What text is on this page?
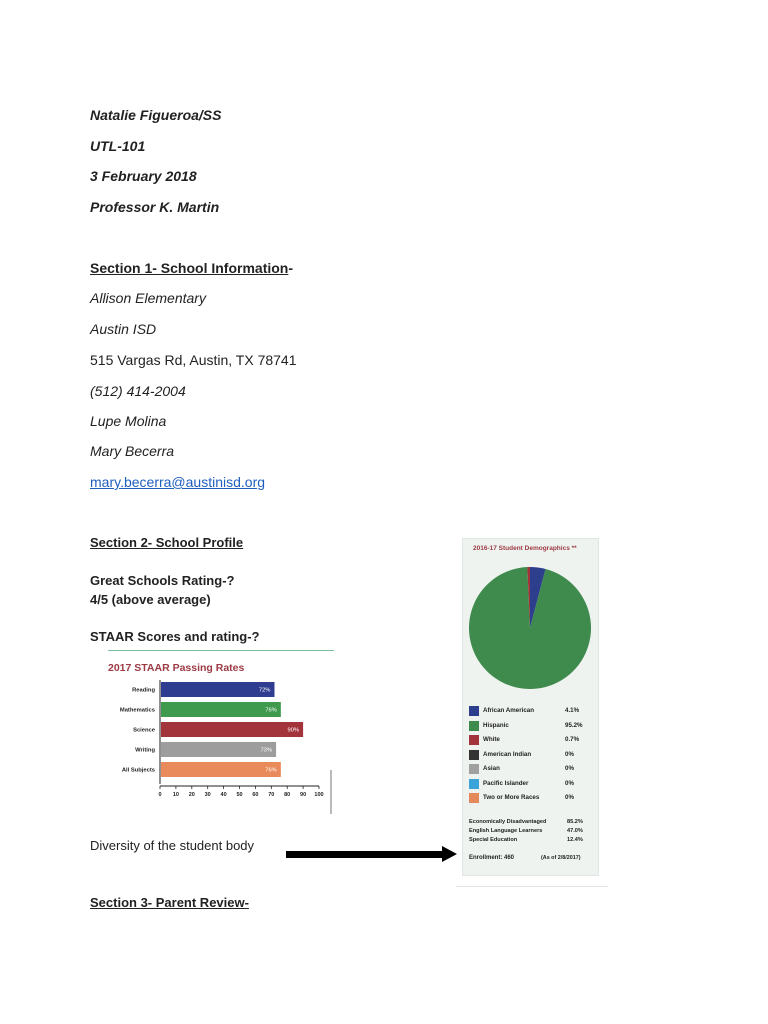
Natalie Figueroa/SS
UTL-101
3 February 2018
Professor K. Martin
Section 1- School Information-
Allison Elementary
Austin ISD
515 Vargas Rd, Austin, TX 78741
(512) 414-2004
Lupe Molina
Mary Becerra
mary.becerra@austinisd.org
Section 2- School Profile
Great Schools Rating-?
4/5 (above average)
STAAR Scores and rating-?
2017 STAAR Passing Rates
Reading	72%
Mathematics	76%
Science	90%
Writing	73%
All Subjects	76%
0 10 20 30 40 50 60 70 80 90 100
Diversity of the student body
2016-17 Student Demographics **
African American	4.1%
Hispanic	95.2%
White	0.7%
American Indian	0%
Asian	0%
Pacific Islander	0%
Two or More Races	0%
Economically Disadvantaged	85.2%
English Language Learners	47.0%
Special Education	12.4%
Enrollment: 460	(As of 2/8/2017)
Section 3- Parent Review-
